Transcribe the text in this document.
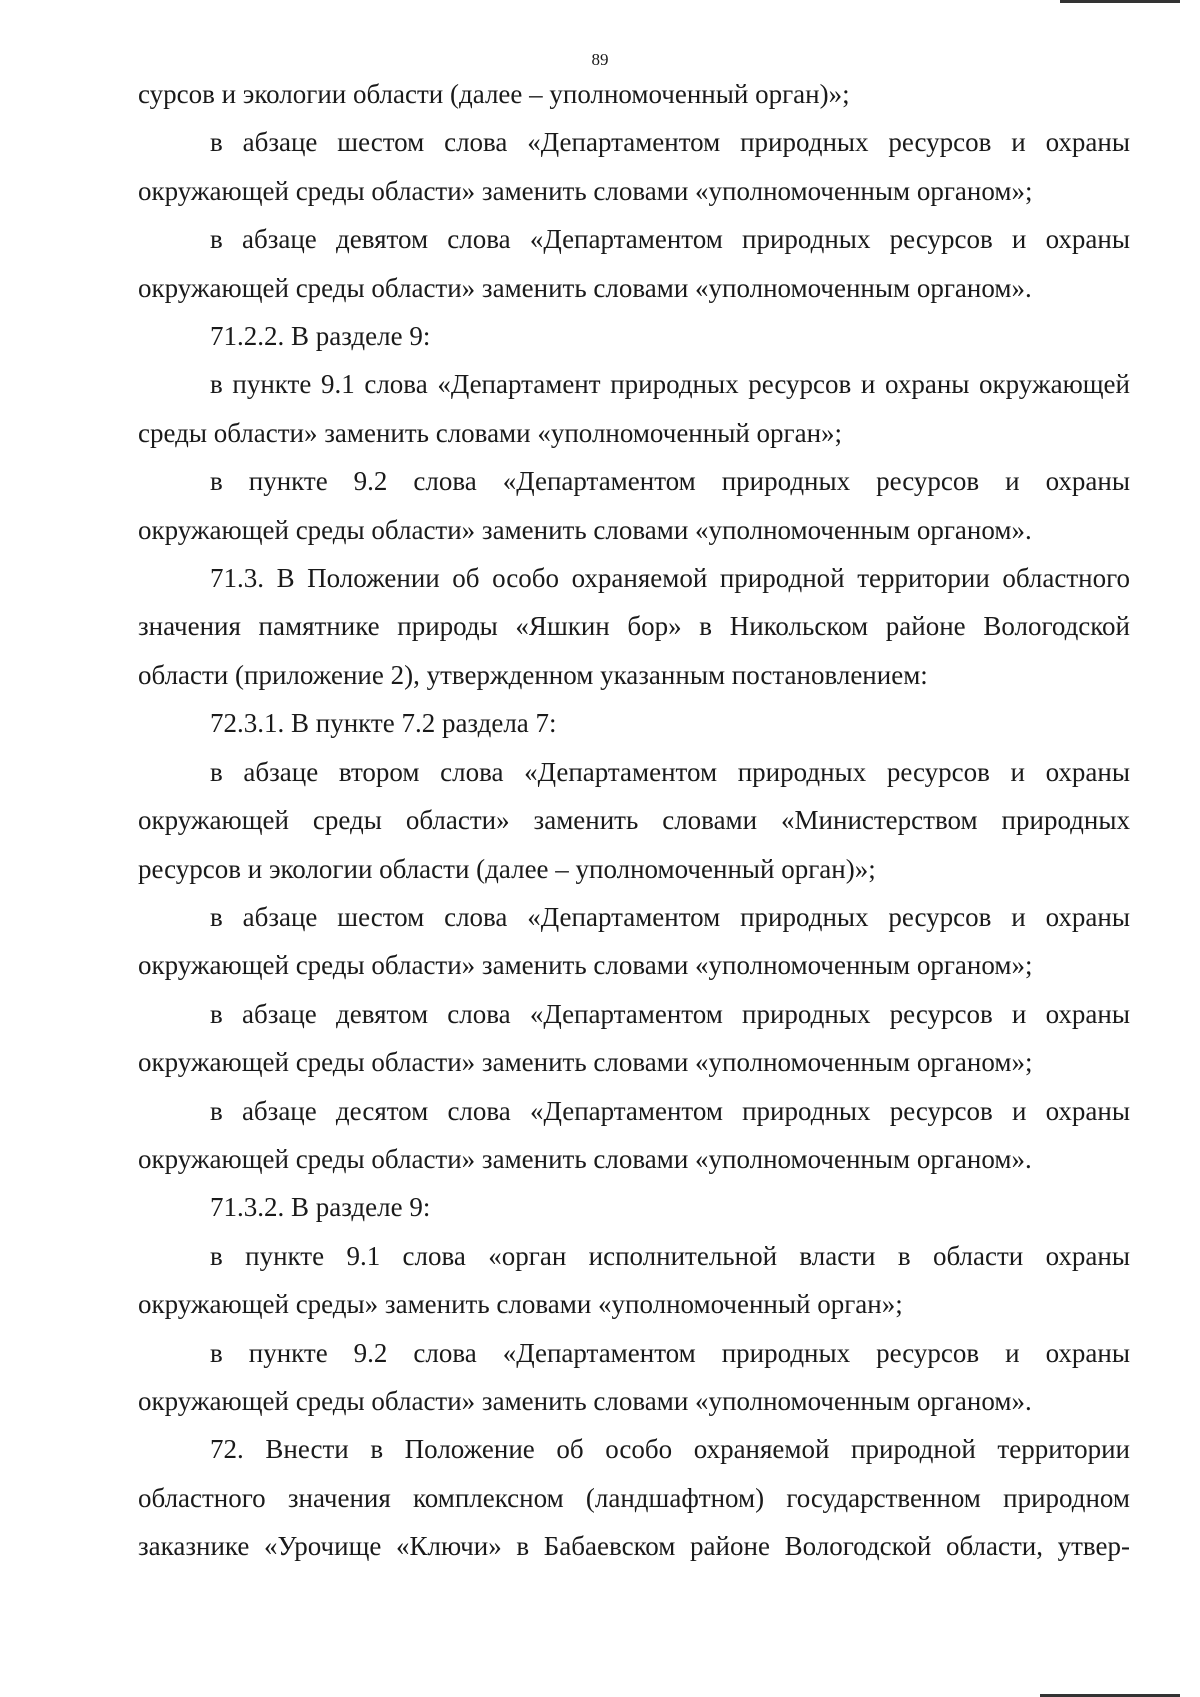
89

сурсов и экологии области (далее – уполномоченный орган)»;

в абзаце шестом слова «Департаментом природных ресурсов и охраны окружающей среды области» заменить словами «уполномоченным органом»;

в абзаце девятом слова «Департаментом природных ресурсов и охраны окружающей среды области» заменить словами «уполномоченным органом».

71.2.2. В разделе 9:

в пункте 9.1 слова «Департамент природных ресурсов и охраны окружающей среды области» заменить словами «уполномоченный орган»;

в пункте 9.2 слова «Департаментом природных ресурсов и охраны окружающей среды области» заменить словами «уполномоченным органом».

71.3. В Положении об особо охраняемой природной территории областного значения памятнике природы «Яшкин бор» в Никольском районе Вологодской области (приложение 2), утвержденном указанным постановлением:

72.3.1. В пункте 7.2 раздела 7:

в абзаце втором слова «Департаментом природных ресурсов и охраны окружающей среды области» заменить словами «Министерством природных ресурсов и экологии области (далее – уполномоченный орган)»;

в абзаце шестом слова «Департаментом природных ресурсов и охраны окружающей среды области» заменить словами «уполномоченным органом»;

в абзаце девятом слова «Департаментом природных ресурсов и охраны окружающей среды области» заменить словами «уполномоченным органом»;

в абзаце десятом слова «Департаментом природных ресурсов и охраны окружающей среды области» заменить словами «уполномоченным органом».

71.3.2. В разделе 9:

в пункте 9.1 слова «орган исполнительной власти в области охраны окружающей среды» заменить словами «уполномоченный орган»;

в пункте 9.2 слова «Департаментом природных ресурсов и охраны окружающей среды области» заменить словами «уполномоченным органом».

72. Внести в Положение об особо охраняемой природной территории областного значения комплексном (ландшафтном) государственном природном заказнике «Урочище «Ключи» в Бабаевском районе Вологодской области, утвер-
